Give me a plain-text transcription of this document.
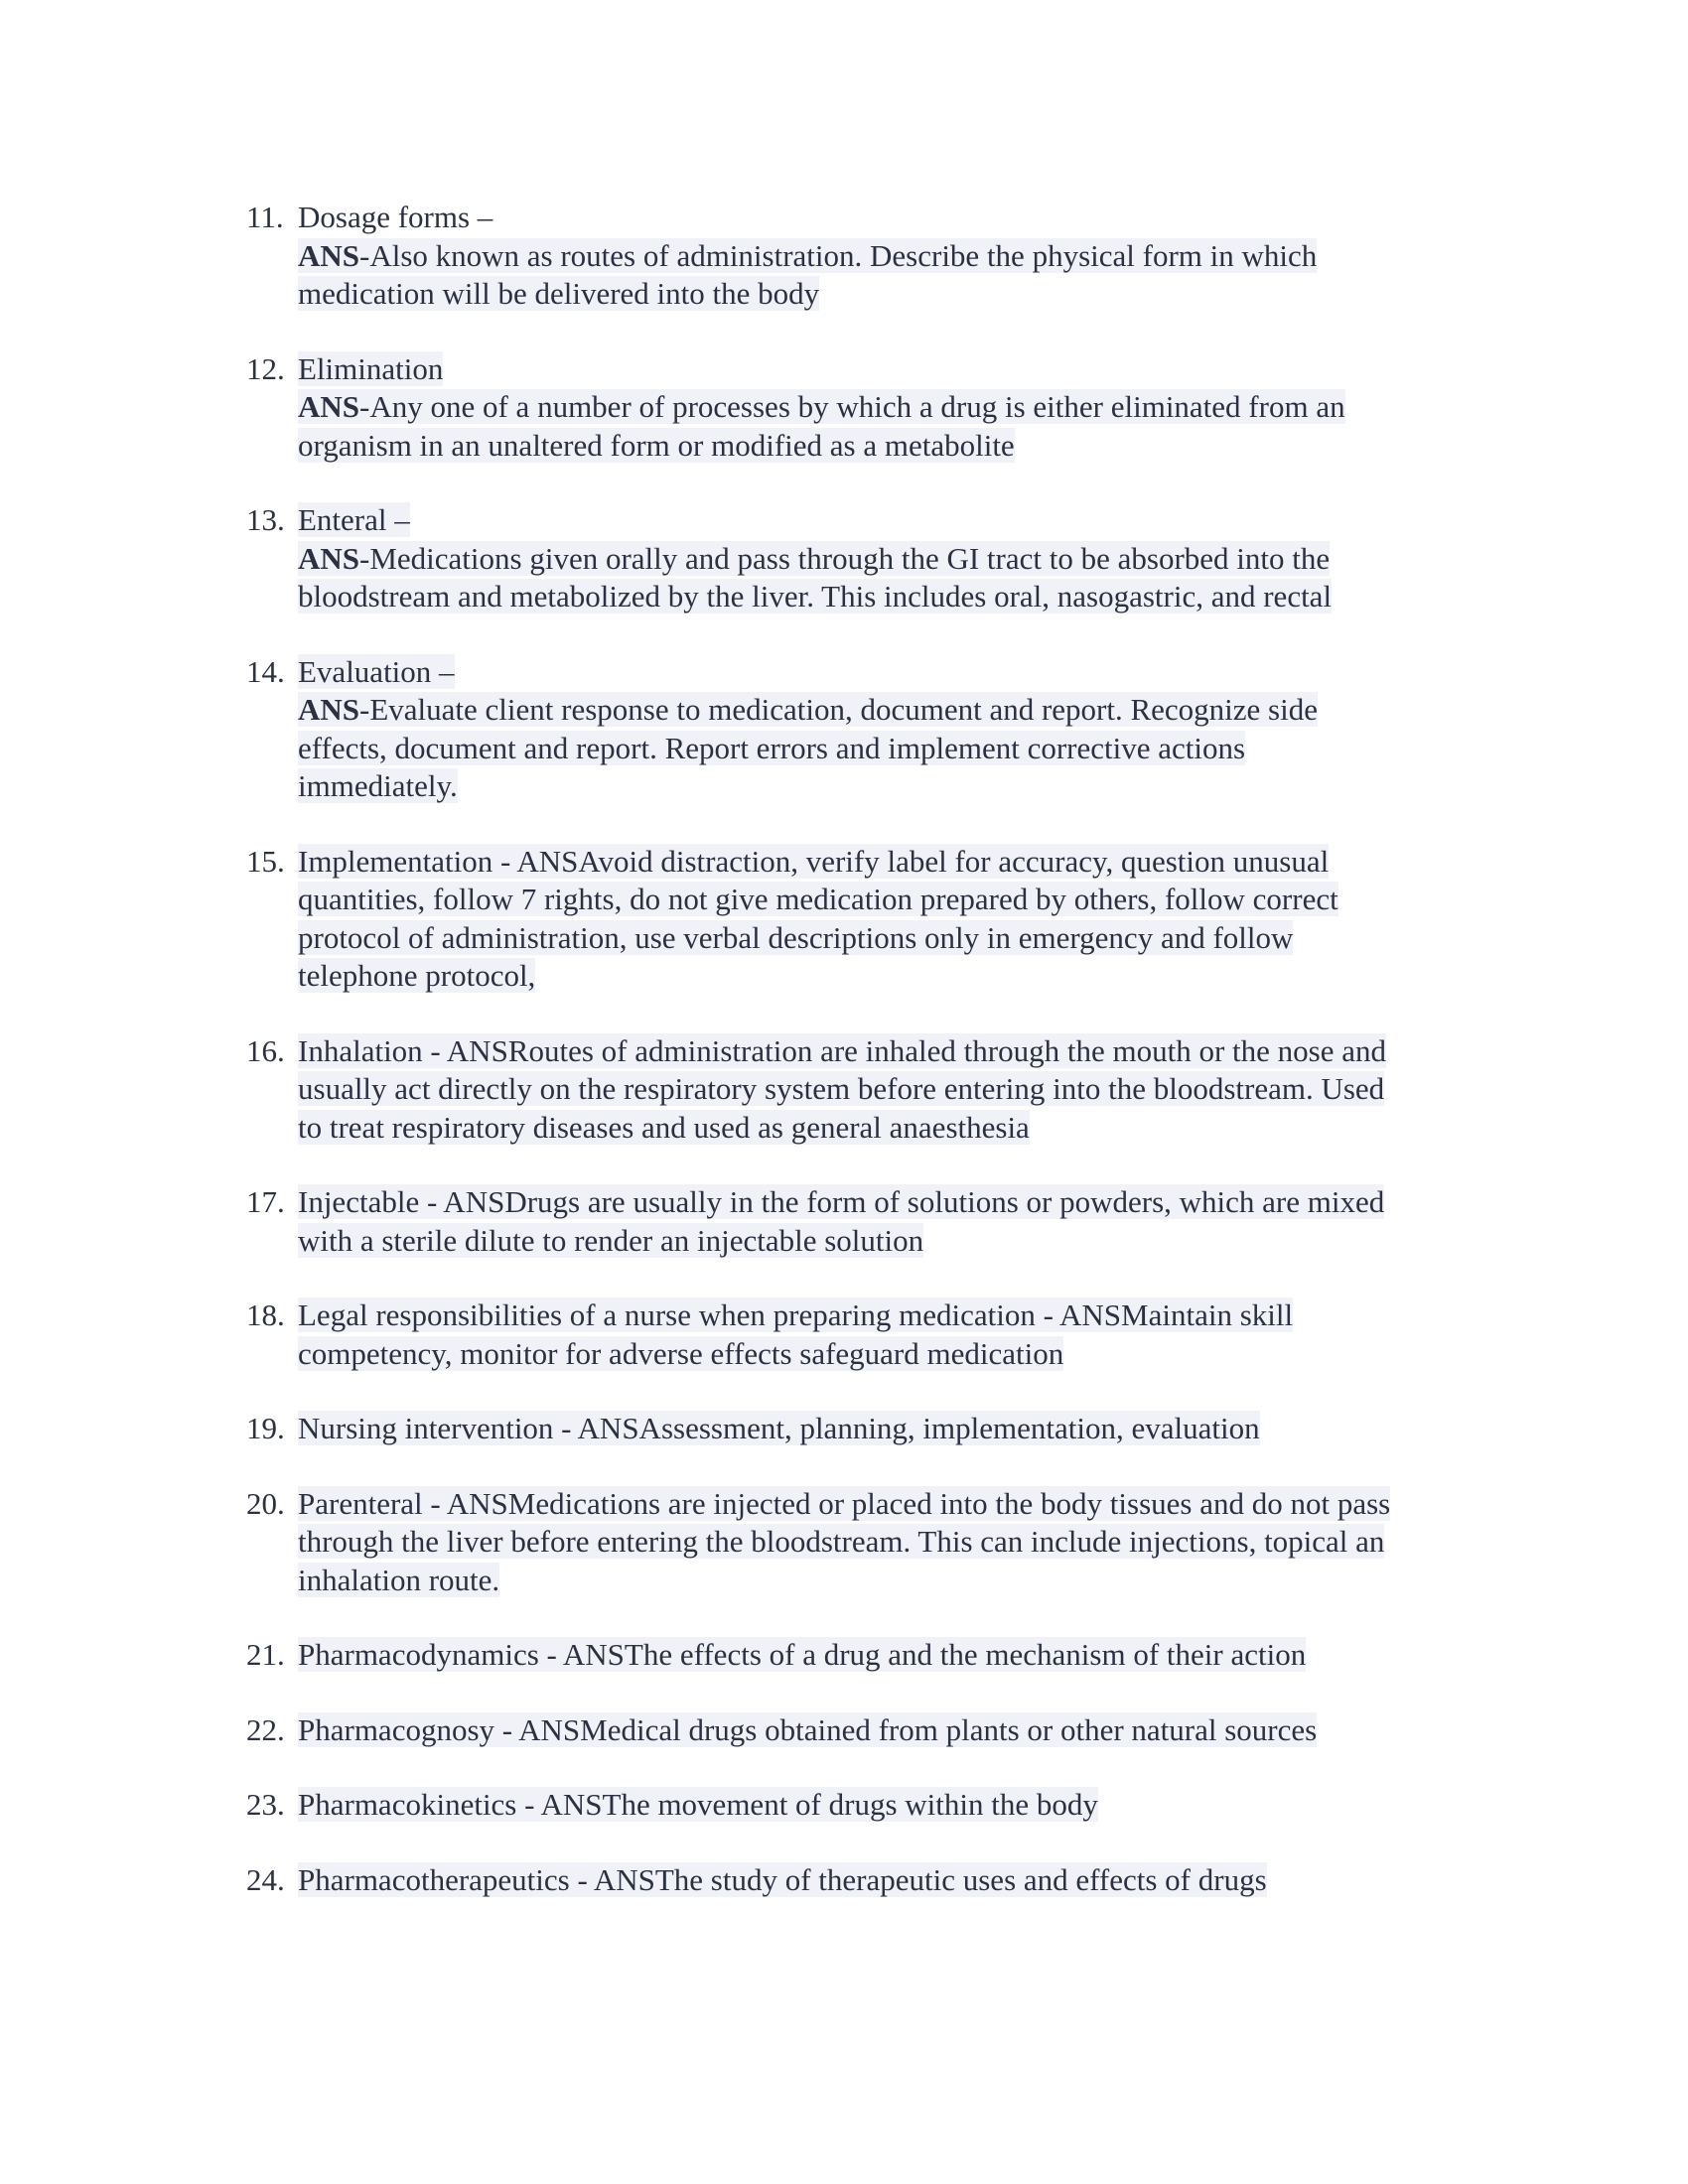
11. Dosage forms –
ANS-Also known as routes of administration. Describe the physical form in which
medication will be delivered into the body
12. Elimination
ANS-Any one of a number of processes by which a drug is either eliminated from an
organism in an unaltered form or modified as a metabolite
13. Enteral –
ANS-Medications given orally and pass through the GI tract to be absorbed into the
bloodstream and metabolized by the liver. This includes oral, nasogastric, and rectal
14. Evaluation –
ANS-Evaluate client response to medication, document and report. Recognize side
effects, document and report. Report errors and implement corrective actions
immediately.
15. Implementation - ANSAvoid distraction, verify label for accuracy, question unusual
quantities, follow 7 rights, do not give medication prepared by others, follow correct
protocol of administration, use verbal descriptions only in emergency and follow
telephone protocol,
16. Inhalation - ANSRoutes of administration are inhaled through the mouth or the nose and
usually act directly on the respiratory system before entering into the bloodstream. Used
to treat respiratory diseases and used as general anaesthesia
17. Injectable - ANSDrugs are usually in the form of solutions or powders, which are mixed
with a sterile dilute to render an injectable solution
18. Legal responsibilities of a nurse when preparing medication - ANSMaintain skill
competency, monitor for adverse effects safeguard medication
19. Nursing intervention - ANSAssessment, planning, implementation, evaluation
20. Parenteral - ANSMedications are injected or placed into the body tissues and do not pass
through the liver before entering the bloodstream. This can include injections, topical an
inhalation route.
21. Pharmacodynamics - ANSThe effects of a drug and the mechanism of their action
22. Pharmacognosy - ANSMedical drugs obtained from plants or other natural sources
23. Pharmacokinetics - ANSThe movement of drugs within the body
24. Pharmacotherapeutics - ANSThe study of therapeutic uses and effects of drugs
